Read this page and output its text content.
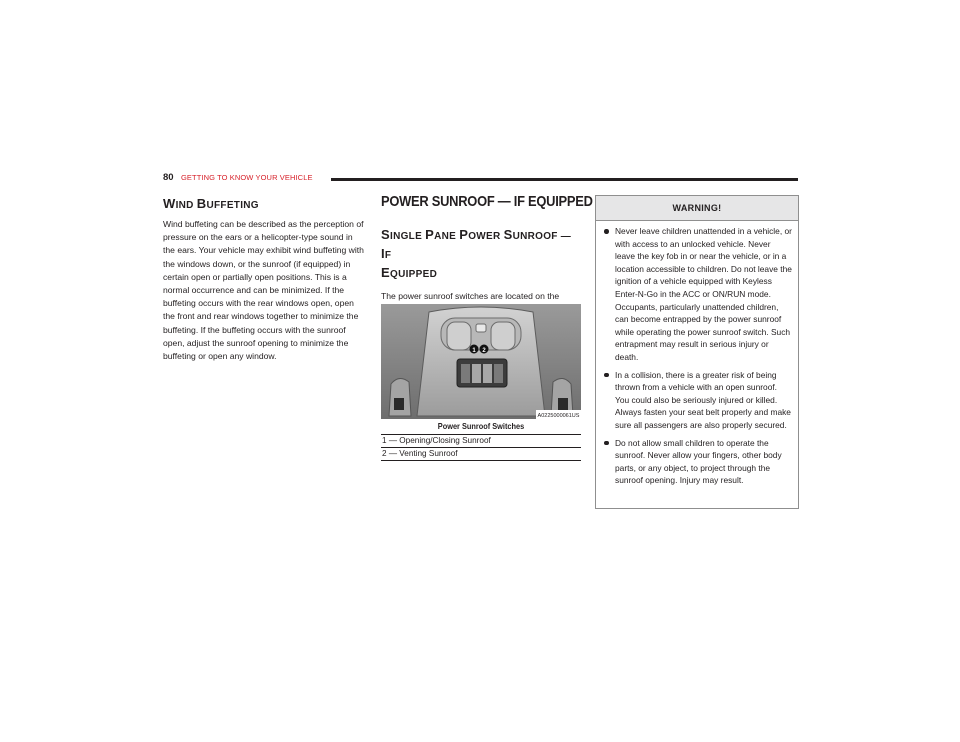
80 GETTING TO KNOW YOUR VEHICLE
WIND BUFFETING
Wind buffeting can be described as the perception of pressure on the ears or a helicopter-type sound in the ears. Your vehicle may exhibit wind buffeting with the windows down, or the sunroof (if equipped) in certain open or partially open positions. This is a normal occurrence and can be minimized. If the buffeting occurs with the rear windows open, open the front and rear windows together to minimize the buffeting. If the buffeting occurs with the sunroof open, adjust the sunroof opening to minimize the buffeting or open any window.
POWER SUNROOF — IF EQUIPPED
SINGLE PANE POWER SUNROOF — IF
EQUIPPED
The power sunroof switches are located on the
1 2
A0225000061US
Power Sunroof Switches
1 — Opening/Closing Sunroof
2 — Venting Sunroof
WARNING!
Never leave children unattended in a vehicle, or with access to an unlocked vehicle. Never leave the key fob in or near the vehicle, or in a location accessible to children. Do not leave the ignition of a vehicle equipped with Keyless Enter-N-Go in the ACC or ON/RUN mode. Occupants, particularly unattended children, can become entrapped by the power sunroof while operating the power sunroof switch. Such entrapment may result in serious injury or death.
In a collision, there is a greater risk of being thrown from a vehicle with an open sunroof. You could also be seriously injured or killed. Always fasten your seat belt properly and make sure all passengers are also properly secured.
Do not allow small children to operate the sunroof. Never allow your fingers, other body parts, or any object, to project through the sunroof opening. Injury may result.
